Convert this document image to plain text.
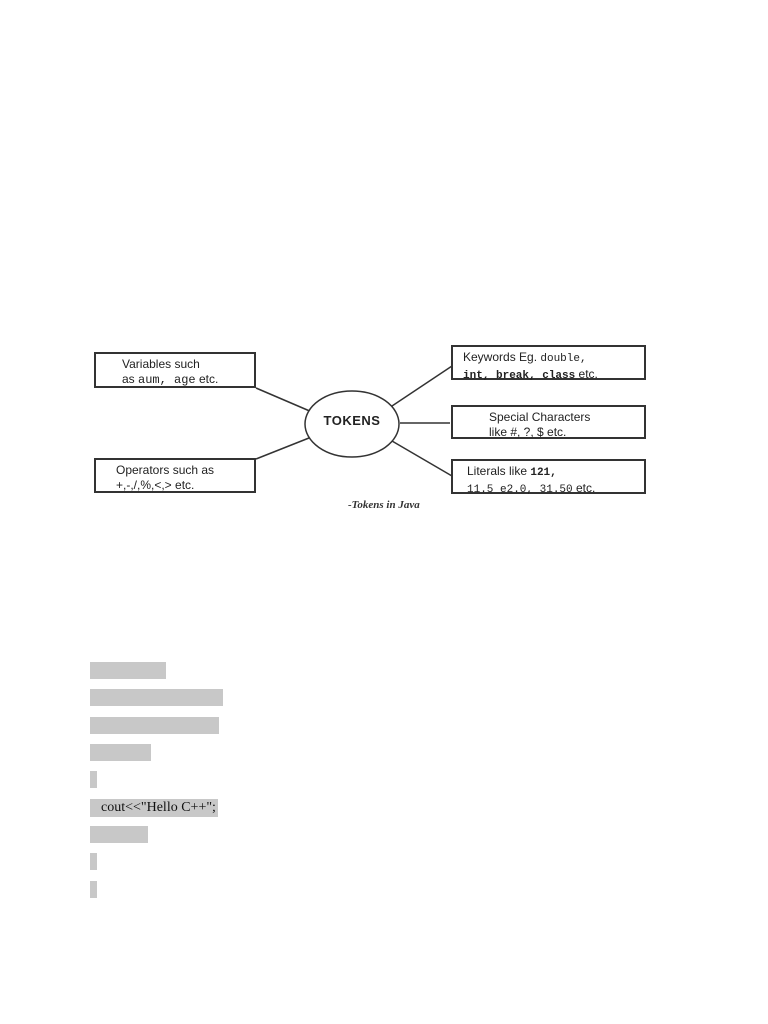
TOKENS
Variables such
as aum, age etc.
Operators such as
+,-,/,%,<,> etc.
Keywords Eg. double,
int, break, class etc.
Special Characters
like #, ?, $ etc.
Literals like 121,
11.5 e2.0, 31.50 etc.
-Tokens in Java
cout<<"Hello C++";
